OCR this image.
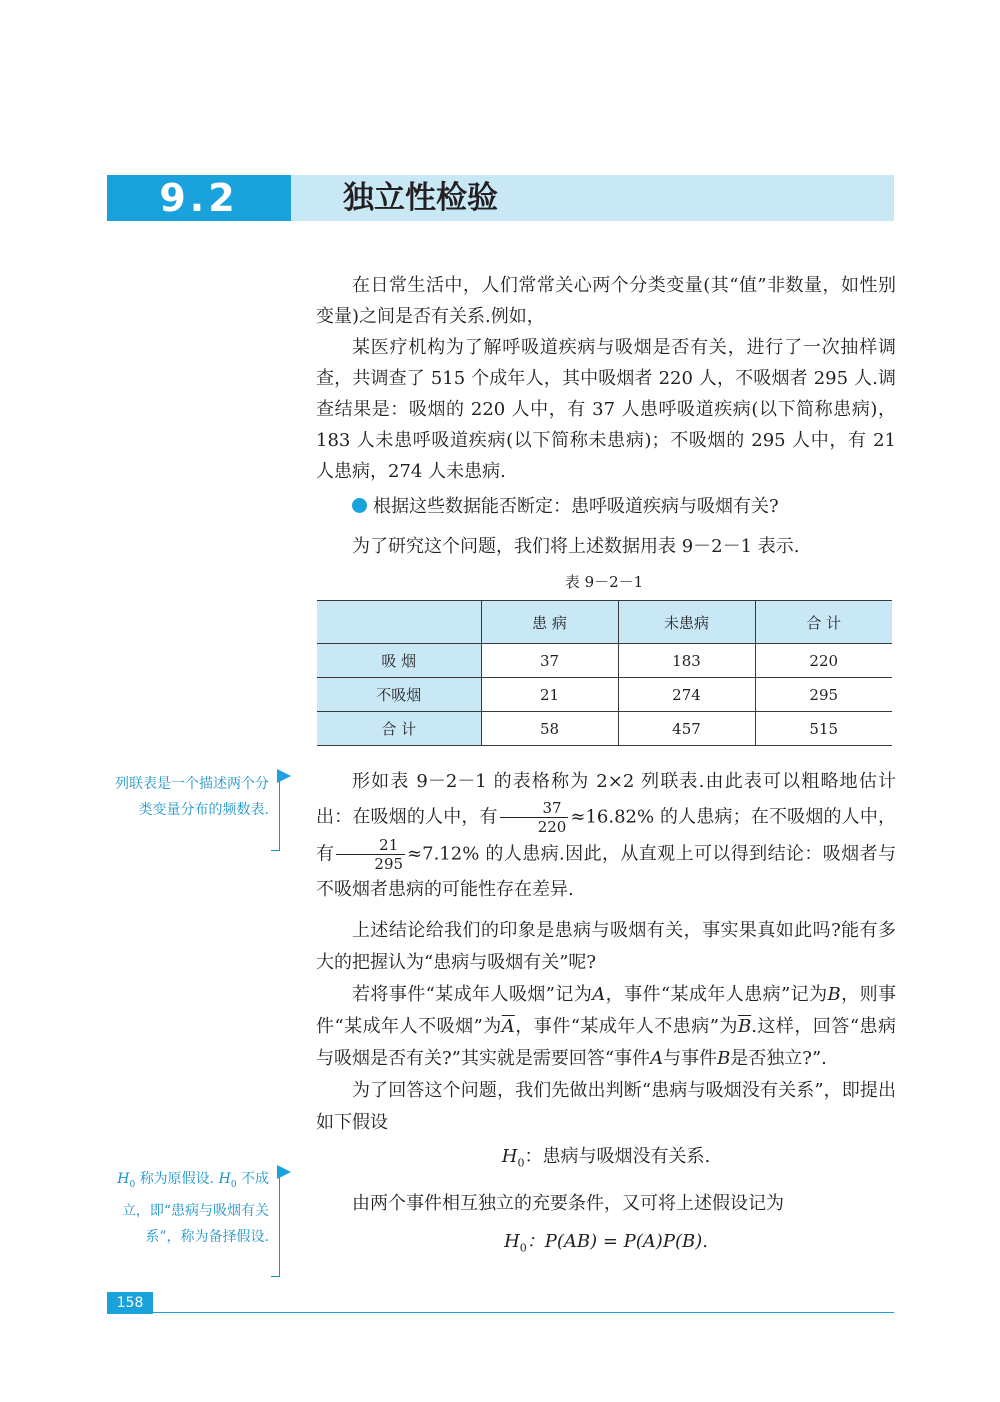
9.2	独立性检验

在日常生活中，人们常常关心两个分类变量(其“值”非数量，如性别变量)之间是否有关系.例如，

某医疗机构为了解呼吸道疾病与吸烟是否有关，进行了一次抽样调查，共调查了 515 个成年人，其中吸烟者 220 人，不吸烟者 295 人.调查结果是：吸烟的 220 人中，有 37 人患呼吸道疾病(以下简称患病)，183 人未患呼吸道疾病(以下简称未患病)；不吸烟的 295 人中，有 21 人患病，274 人未患病.

根据这些数据能否断定：患呼吸道疾病与吸烟有关?

为了研究这个问题，我们将上述数据用表 9－2－1 表示.

表 9－2－1
	患 病	未患病	合 计
吸 烟	37	183	220
不吸烟	21	274	295
合 计	58	457	515

列联表是一个描述两个分类变量分布的频数表.

形如表 9－2－1 的表格称为 2×2 列联表.由此表可以粗略地估计出：在吸烟的人中，有 $\frac{37}{220} \approx 16.82\%$ 的人患病；在不吸烟的人中，有 $\frac{21}{295} \approx 7.12\%$ 的人患病.因此，从直观上可以得到结论：吸烟者与不吸烟者患病的可能性存在差异.

上述结论给我们的印象是患病与吸烟有关，事实果真如此吗?能有多大的把握认为“患病与吸烟有关”呢?

若将事件“某成年人吸烟”记为A，事件“某成年人患病”记为B，则事件“某成年人不吸烟”为$\overline{A}$，事件“某成年人不患病”为$\overline{B}$.这样，回答“患病与吸烟是否有关?”其实就是需要回答“事件A与事件B是否独立?”.

为了回答这个问题，我们先做出判断“患病与吸烟没有关系”，即提出如下假设

$H_0$：患病与吸烟没有关系.

由两个事件相互独立的充要条件，又可将上述假设记为

$H_0$：P(AB) = P(A)P(B).

$H_0$ 称为原假设. $H_0$ 不成立，即“患病与吸烟有关系”，称为备择假设.

158
